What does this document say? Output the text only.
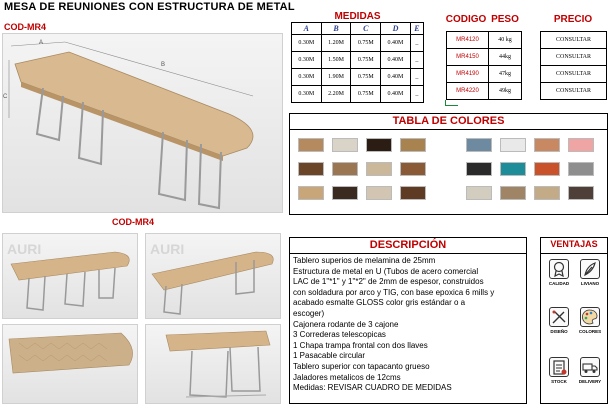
MESA DE REUNIONES CON ESTRUCTURA DE METAL
COD-MR4
A
B
C
COD-MR4
AURI	AURI
MEDIDAS
A	B	C	D	E
0.30M	1.20M	0.75M	0.40M	_
0.30M	1.50M	0.75M	0.40M	_
0.30M	1.90M	0.75M	0.40M	_
0.30M	2.20M	0.75M	0.40M	_
CODIGO PESO
MR4120	40 kg
MR4150	44kg
MR4190	47kg
MR4220	49kg
PRECIO
CONSULTAR
CONSULTAR
CONSULTAR
CONSULTAR
TABLA DE COLORES
DESCRIPCIÓN
Tablero superios de melamina de 25mm
Estructura de metal en U (Tubos de acero comercial
LAC de 1"*1" y 1"*2" de 2mm de espesor, construidos
con soldadura por arco y TIG, con base epoxica 6 mills y
acabado esmalte GLOSS color gris estándar o a
escoger)
Cajonera rodante de 3 cajone
3 Correderas telescopicas
1 Chapa trampa frontal con dos llaves
1 Pasacable circular
Tablero superior con tapacanto grueso
Jaladores metalicos de 12cms
Medidas: REVISAR CUADRO DE MEDIDAS
VENTAJAS
CALIDAD	LIVIANO
DISEÑO	COLORES
STOCK	DELIVERY
